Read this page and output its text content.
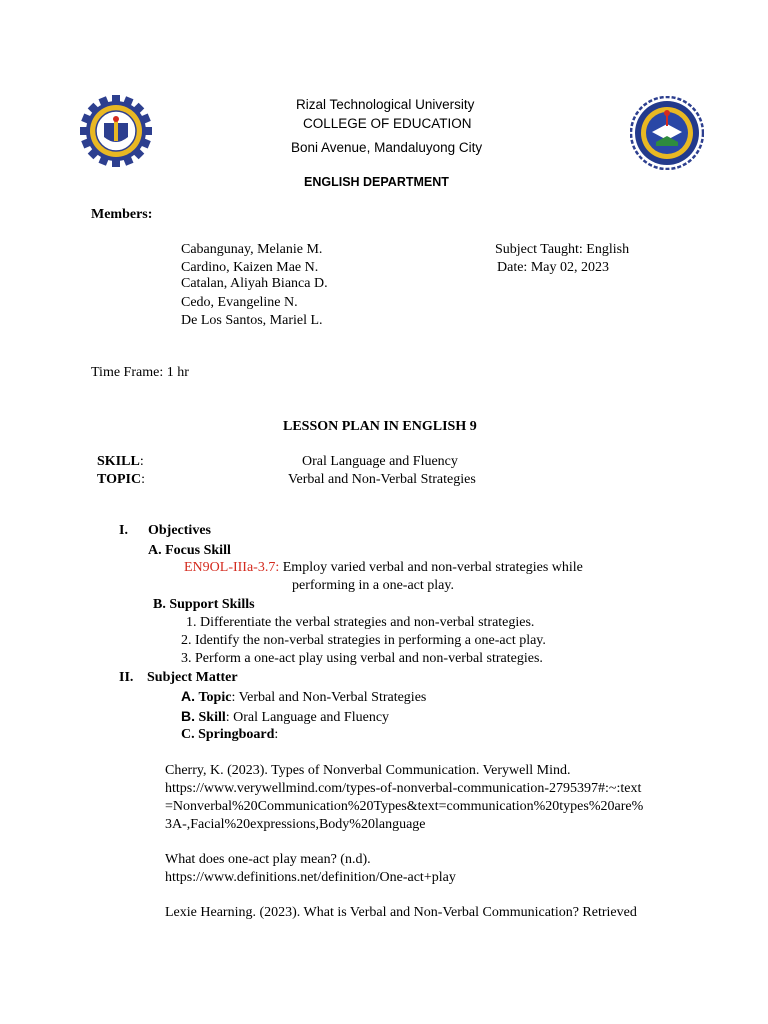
Rizal Technological University
COLLEGE OF EDUCATION
Boni Avenue, Mandaluyong City
ENGLISH DEPARTMENT
Members:
Cabangunay, Melanie M.
Cardino, Kaizen Mae N.
Catalan, Aliyah Bianca D.
Cedo, Evangeline N.
De Los Santos, Mariel L.
Subject Taught: English
Date: May 02, 2023
Time Frame: 1 hr
LESSON PLAN IN ENGLISH 9
SKILL:	Oral Language and Fluency
TOPIC:	Verbal and Non-Verbal Strategies
I. Objectives
A. Focus Skill
EN9OL-IIIa-3.7: Employ varied verbal and non-verbal strategies while
performing in a one-act play.
B. Support Skills
1. Differentiate the verbal strategies and non-verbal strategies.
2. Identify the non-verbal strategies in performing a one-act play.
3. Perform a one-act play using verbal and non-verbal strategies.
II. Subject Matter
A. Topic: Verbal and Non-Verbal Strategies
B. Skill: Oral Language and Fluency
C. Springboard:
Cherry, K. (2023). Types of Nonverbal Communication. Verywell Mind.
https://www.verywellmind.com/types-of-nonverbal-communication-2795397#:~:text
=Nonverbal%20Communication%20Types&text=communication%20types%20are%
3A-,Facial%20expressions,Body%20language
What does one-act play mean? (n.d).
https://www.definitions.net/definition/One-act+play
Lexie Hearning. (2023). What is Verbal and Non-Verbal Communication? Retrieved
